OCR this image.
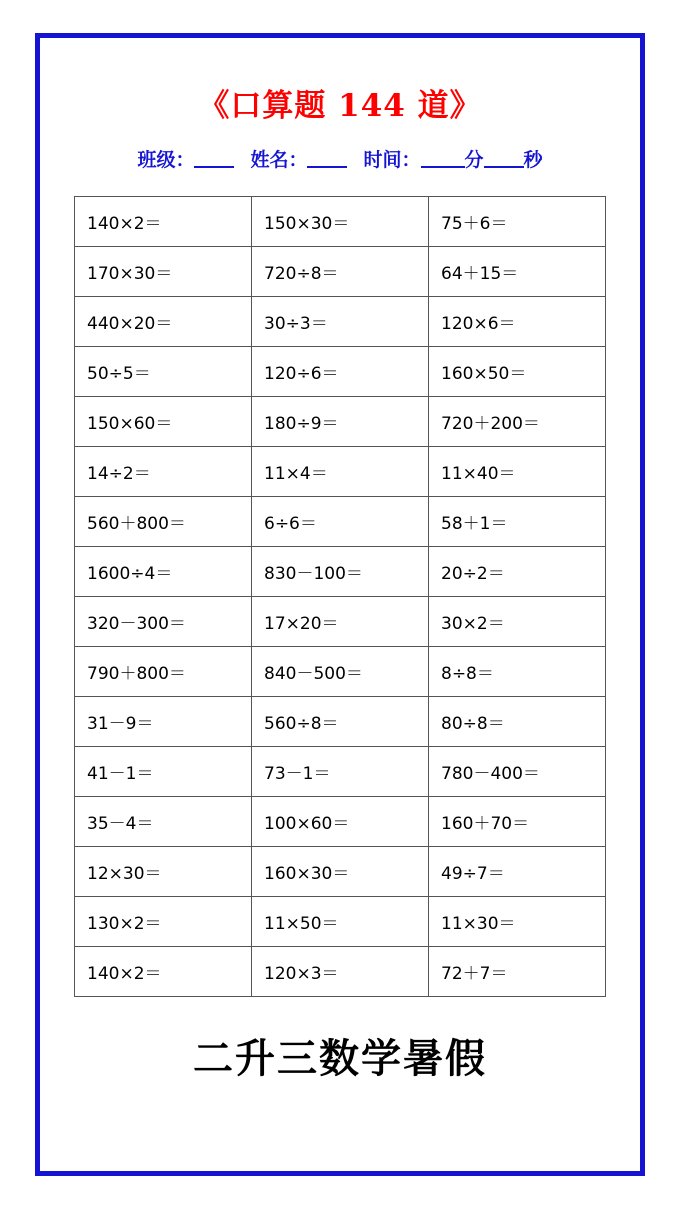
《口算题 144 道》
班级：	姓名：	时间： 分 秒
140×2＝	150×30＝	75＋6＝
170×30＝	720÷8＝	64＋15＝
440×20＝	30÷3＝	120×6＝
50÷5＝	120÷6＝	160×50＝
150×60＝	180÷9＝	720＋200＝
14÷2＝	11×4＝	11×40＝
560＋800＝	6÷6＝	58＋1＝
1600÷4＝	830－100＝	20÷2＝
320－300＝	17×20＝	30×2＝
790＋800＝	840－500＝	8÷8＝
31－9＝	560÷8＝	80÷8＝
41－1＝	73－1＝	780－400＝
35－4＝	100×60＝	160＋70＝
12×30＝	160×30＝	49÷7＝
130×2＝	11×50＝	11×30＝
140×2＝	120×3＝	72＋7＝
二升三数学暑假
